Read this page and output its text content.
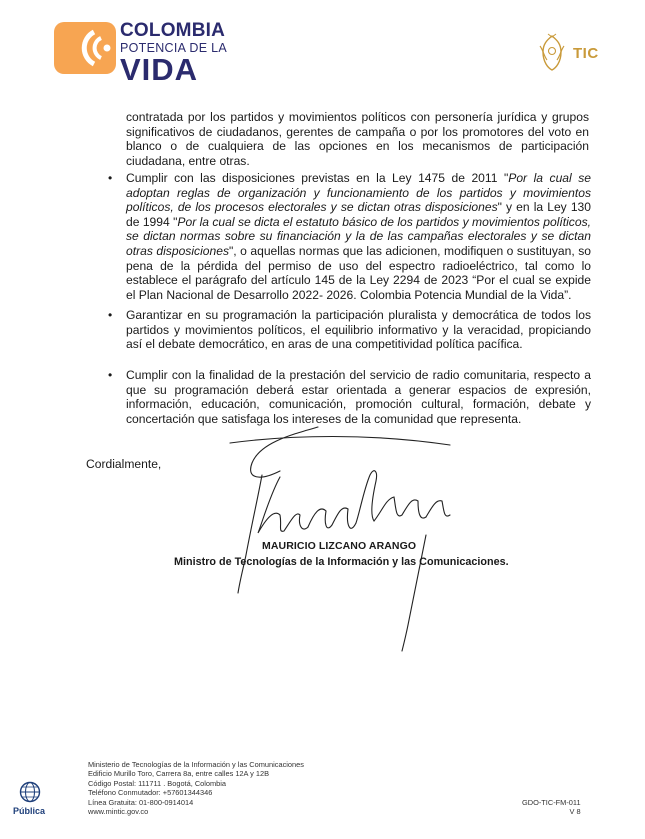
COLOMBIA
POTENCIA DE LA
VIDA	TIC
contratada por los partidos y movimientos políticos con personería jurídica y grupos significativos de ciudadanos, gerentes de campaña o por los promotores del voto en blanco o de cualquiera de las opciones en los mecanismos de participación ciudadana, entre otras.
• Cumplir con las disposiciones previstas en la Ley 1475 de 2011 "Por la cual se adoptan reglas de organización y funcionamiento de los partidos y movimientos políticos, de los procesos electorales y se dictan otras disposiciones" y en la Ley 130 de 1994 "Por la cual se dicta el estatuto básico de los partidos y movimientos políticos, se dictan normas sobre su financiación y la de las campañas electorales y se dictan otras disposiciones", o aquellas normas que las adicionen, modifiquen o sustituyan, so pena de la pérdida del permiso de uso del espectro radioeléctrico, tal como lo establece el parágrafo del artículo 145 de la Ley 2294 de 2023 “Por el cual se expide el Plan Nacional de Desarrollo 2022- 2026. Colombia Potencia Mundial de la Vida”.
• Garantizar en su programación la participación pluralista y democrática de todos los partidos y movimientos políticos, el equilibrio informativo y la veracidad, propiciando así el debate democrático, en aras de una competitividad política pacífica.
• Cumplir con la finalidad de la prestación del servicio de radio comunitaria, respecto a que su programación deberá estar orientada a generar espacios de expresión, información, educación, comunicación, promoción cultural, formación, debate y concertación que satisfaga los intereses de la comunidad que representa.
Cordialmente,
MAURICIO LIZCANO ARANGO
Ministro de Tecnologías de la Información y las Comunicaciones.
Ministerio de Tecnologías de la Información y las Comunicaciones
Edificio Murillo Toro, Carrera 8a, entre calles 12A y 12B
Código Postal: 111711 . Bogotá, Colombia
Teléfono Conmutador: +57601344346
Línea Gratuita: 01-800-0914014
www.mintic.gov.co
GDO-TIC-FM-011
V 8
Pública
